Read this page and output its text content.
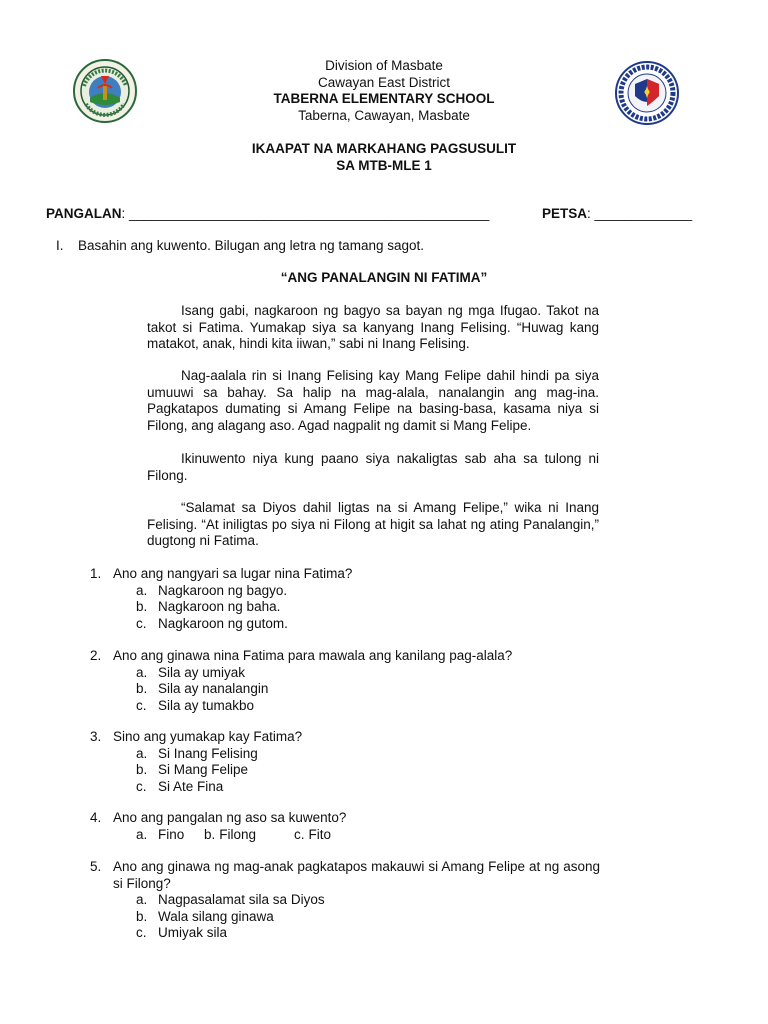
Division of Masbate
Cawayan East District
TABERNA ELEMENTARY SCHOOL
Taberna, Cawayan, Masbate
IKAAPAT NA MARKAHANG PAGSUSULIT
SA MTB-MLE 1
PANGALAN: ________________________________________________	PETSA: _____________
I. Basahin ang kuwento. Bilugan ang letra ng tamang sagot.
“ANG PANALANGIN NI FATIMA”

Isang gabi, nagkaroon ng bagyo sa bayan ng mga Ifugao. Takot na takot si Fatima. Yumakap siya sa kanyang Inang Felising. “Huwag kang matakot, anak, hindi kita iiwan,” sabi ni Inang Felising.

Nag-aalala rin si Inang Felising kay Mang Felipe dahil hindi pa siya umuuwi sa bahay. Sa halip na mag-alala, nanalangin ang mag-ina. Pagkatapos dumating si Amang Felipe na basing-basa, kasama niya si Filong, ang alagang aso. Agad nagpalit ng damit si Mang Felipe.

Ikinuwento niya kung paano siya nakaligtas sab aha sa tulong ni Filong.

“Salamat sa Diyos dahil ligtas na si Amang Felipe,” wika ni Inang Felising. “At iniligtas po siya ni Filong at higit sa lahat ng ating Panalangin,” dugtong ni Fatima.

1. Ano ang nangyari sa lugar nina Fatima?
a. Nagkaroon ng bagyo.
b. Nagkaroon ng baha.
c. Nagkaroon ng gutom.
2. Ano ang ginawa nina Fatima para mawala ang kanilang pag-alala?
a. Sila ay umiyak
b. Sila ay nanalangin
c. Sila ay tumakbo
3. Sino ang yumakap kay Fatima?
a. Si Inang Felising
b. Si Mang Felipe
c. Si Ate Fina
4. Ano ang pangalan ng aso sa kuwento?
a. Fino b. Filong	c. Fito
5. Ano ang ginawa ng mag-anak pagkatapos makauwi si Amang Felipe at ng asong si Filong?
a. Nagpasalamat sila sa Diyos
b. Wala silang ginawa
c. Umiyak sila
